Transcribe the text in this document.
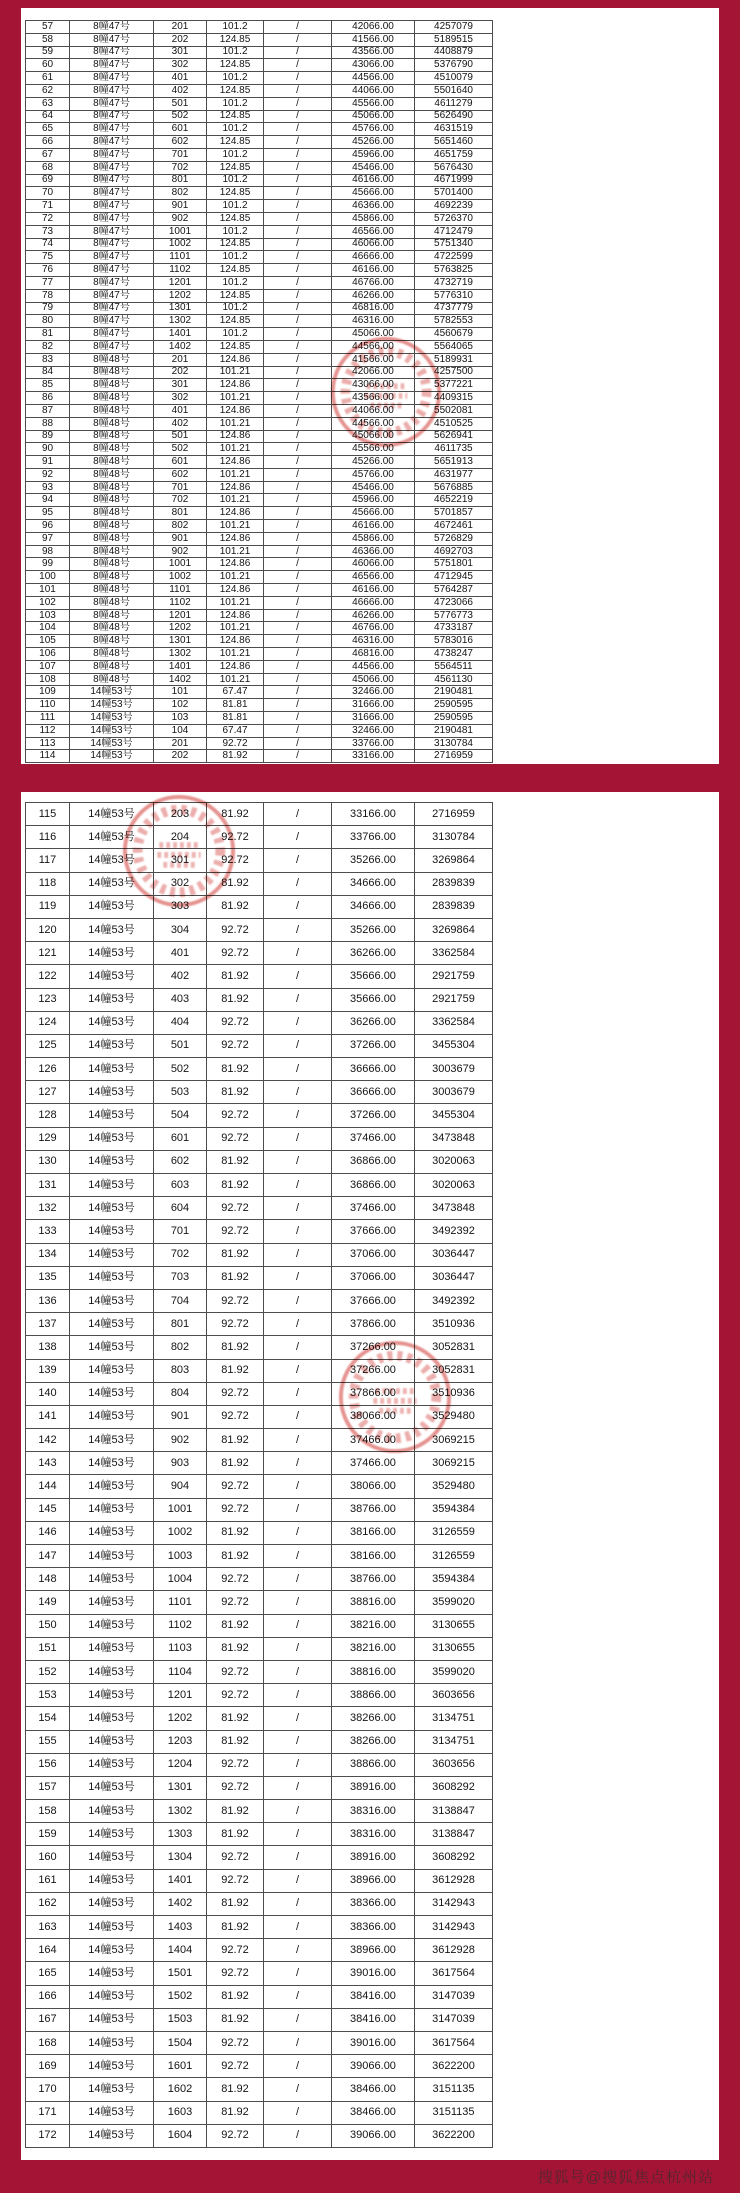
57	8幢47号	201	101.2	/	42066.00	4257079
58	8幢47号	202	124.85	/	41566.00	5189515
59	8幢47号	301	101.2	/	43566.00	4408879
60	8幢47号	302	124.85	/	43066.00	5376790
61	8幢47号	401	101.2	/	44566.00	4510079
62	8幢47号	402	124.85	/	44066.00	5501640
63	8幢47号	501	101.2	/	45566.00	4611279
64	8幢47号	502	124.85	/	45066.00	5626490
65	8幢47号	601	101.2	/	45766.00	4631519
66	8幢47号	602	124.85	/	45266.00	5651460
67	8幢47号	701	101.2	/	45966.00	4651759
68	8幢47号	702	124.85	/	45466.00	5676430
69	8幢47号	801	101.2	/	46166.00	4671999
70	8幢47号	802	124.85	/	45666.00	5701400
71	8幢47号	901	101.2	/	46366.00	4692239
72	8幢47号	902	124.85	/	45866.00	5726370
73	8幢47号	1001	101.2	/	46566.00	4712479
74	8幢47号	1002	124.85	/	46066.00	5751340
75	8幢47号	1101	101.2	/	46666.00	4722599
76	8幢47号	1102	124.85	/	46166.00	5763825
77	8幢47号	1201	101.2	/	46766.00	4732719
78	8幢47号	1202	124.85	/	46266.00	5776310
79	8幢47号	1301	101.2	/	46816.00	4737779
80	8幢47号	1302	124.85	/	46316.00	5782553
81	8幢47号	1401	101.2	/	45066.00	4560679
82	8幢47号	1402	124.85	/	44566.00	5564065
83	8幢48号	201	124.86	/	41566.00	5189931
84	8幢48号	202	101.21	/	42066.00	4257500
85	8幢48号	301	124.86	/	43066.00	5377221
86	8幢48号	302	101.21	/	43566.00	4409315
87	8幢48号	401	124.86	/	44066.00	5502081
88	8幢48号	402	101.21	/	44566.00	4510525
89	8幢48号	501	124.86	/	45066.00	5626941
90	8幢48号	502	101.21	/	45566.00	4611735
91	8幢48号	601	124.86	/	45266.00	5651913
92	8幢48号	602	101.21	/	45766.00	4631977
93	8幢48号	701	124.86	/	45466.00	5676885
94	8幢48号	702	101.21	/	45966.00	4652219
95	8幢48号	801	124.86	/	45666.00	5701857
96	8幢48号	802	101.21	/	46166.00	4672461
97	8幢48号	901	124.86	/	45866.00	5726829
98	8幢48号	902	101.21	/	46366.00	4692703
99	8幢48号	1001	124.86	/	46066.00	5751801
100	8幢48号	1002	101.21	/	46566.00	4712945
101	8幢48号	1101	124.86	/	46166.00	5764287
102	8幢48号	1102	101.21	/	46666.00	4723066
103	8幢48号	1201	124.86	/	46266.00	5776773
104	8幢48号	1202	101.21	/	46766.00	4733187
105	8幢48号	1301	124.86	/	46316.00	5783016
106	8幢48号	1302	101.21	/	46816.00	4738247
107	8幢48号	1401	124.86	/	44566.00	5564511
108	8幢48号	1402	101.21	/	45066.00	4561130
109	14幢53号	101	67.47	/	32466.00	2190481
110	14幢53号	102	81.81	/	31666.00	2590595
111	14幢53号	103	81.81	/	31666.00	2590595
112	14幢53号	104	67.47	/	32466.00	2190481
113	14幢53号	201	92.72	/	33766.00	3130784
114	14幢53号	202	81.92	/	33166.00	2716959
115	14幢53号	203	81.92	/	33166.00	2716959
116	14幢53号	204	92.72	/	33766.00	3130784
117	14幢53号	301	92.72	/	35266.00	3269864
118	14幢53号	302	81.92	/	34666.00	2839839
119	14幢53号	303	81.92	/	34666.00	2839839
120	14幢53号	304	92.72	/	35266.00	3269864
121	14幢53号	401	92.72	/	36266.00	3362584
122	14幢53号	402	81.92	/	35666.00	2921759
123	14幢53号	403	81.92	/	35666.00	2921759
124	14幢53号	404	92.72	/	36266.00	3362584
125	14幢53号	501	92.72	/	37266.00	3455304
126	14幢53号	502	81.92	/	36666.00	3003679
127	14幢53号	503	81.92	/	36666.00	3003679
128	14幢53号	504	92.72	/	37266.00	3455304
129	14幢53号	601	92.72	/	37466.00	3473848
130	14幢53号	602	81.92	/	36866.00	3020063
131	14幢53号	603	81.92	/	36866.00	3020063
132	14幢53号	604	92.72	/	37466.00	3473848
133	14幢53号	701	92.72	/	37666.00	3492392
134	14幢53号	702	81.92	/	37066.00	3036447
135	14幢53号	703	81.92	/	37066.00	3036447
136	14幢53号	704	92.72	/	37666.00	3492392
137	14幢53号	801	92.72	/	37866.00	3510936
138	14幢53号	802	81.92	/	37266.00	3052831
139	14幢53号	803	81.92	/	37266.00	3052831
140	14幢53号	804	92.72	/	37866.00	3510936
141	14幢53号	901	92.72	/	38066.00	3529480
142	14幢53号	902	81.92	/	37466.00	3069215
143	14幢53号	903	81.92	/	37466.00	3069215
144	14幢53号	904	92.72	/	38066.00	3529480
145	14幢53号	1001	92.72	/	38766.00	3594384
146	14幢53号	1002	81.92	/	38166.00	3126559
147	14幢53号	1003	81.92	/	38166.00	3126559
148	14幢53号	1004	92.72	/	38766.00	3594384
149	14幢53号	1101	92.72	/	38816.00	3599020
150	14幢53号	1102	81.92	/	38216.00	3130655
151	14幢53号	1103	81.92	/	38216.00	3130655
152	14幢53号	1104	92.72	/	38816.00	3599020
153	14幢53号	1201	92.72	/	38866.00	3603656
154	14幢53号	1202	81.92	/	38266.00	3134751
155	14幢53号	1203	81.92	/	38266.00	3134751
156	14幢53号	1204	92.72	/	38866.00	3603656
157	14幢53号	1301	92.72	/	38916.00	3608292
158	14幢53号	1302	81.92	/	38316.00	3138847
159	14幢53号	1303	81.92	/	38316.00	3138847
160	14幢53号	1304	92.72	/	38916.00	3608292
161	14幢53号	1401	92.72	/	38966.00	3612928
162	14幢53号	1402	81.92	/	38366.00	3142943
163	14幢53号	1403	81.92	/	38366.00	3142943
164	14幢53号	1404	92.72	/	38966.00	3612928
165	14幢53号	1501	92.72	/	39016.00	3617564
166	14幢53号	1502	81.92	/	38416.00	3147039
167	14幢53号	1503	81.92	/	38416.00	3147039
168	14幢53号	1504	92.72	/	39016.00	3617564
169	14幢53号	1601	92.72	/	39066.00	3622200
170	14幢53号	1602	81.92	/	38466.00	3151135
171	14幢53号	1603	81.92	/	38466.00	3151135
172	14幢53号	1604	92.72	/	39066.00	3622200
搜狐号@搜狐焦点杭州站
